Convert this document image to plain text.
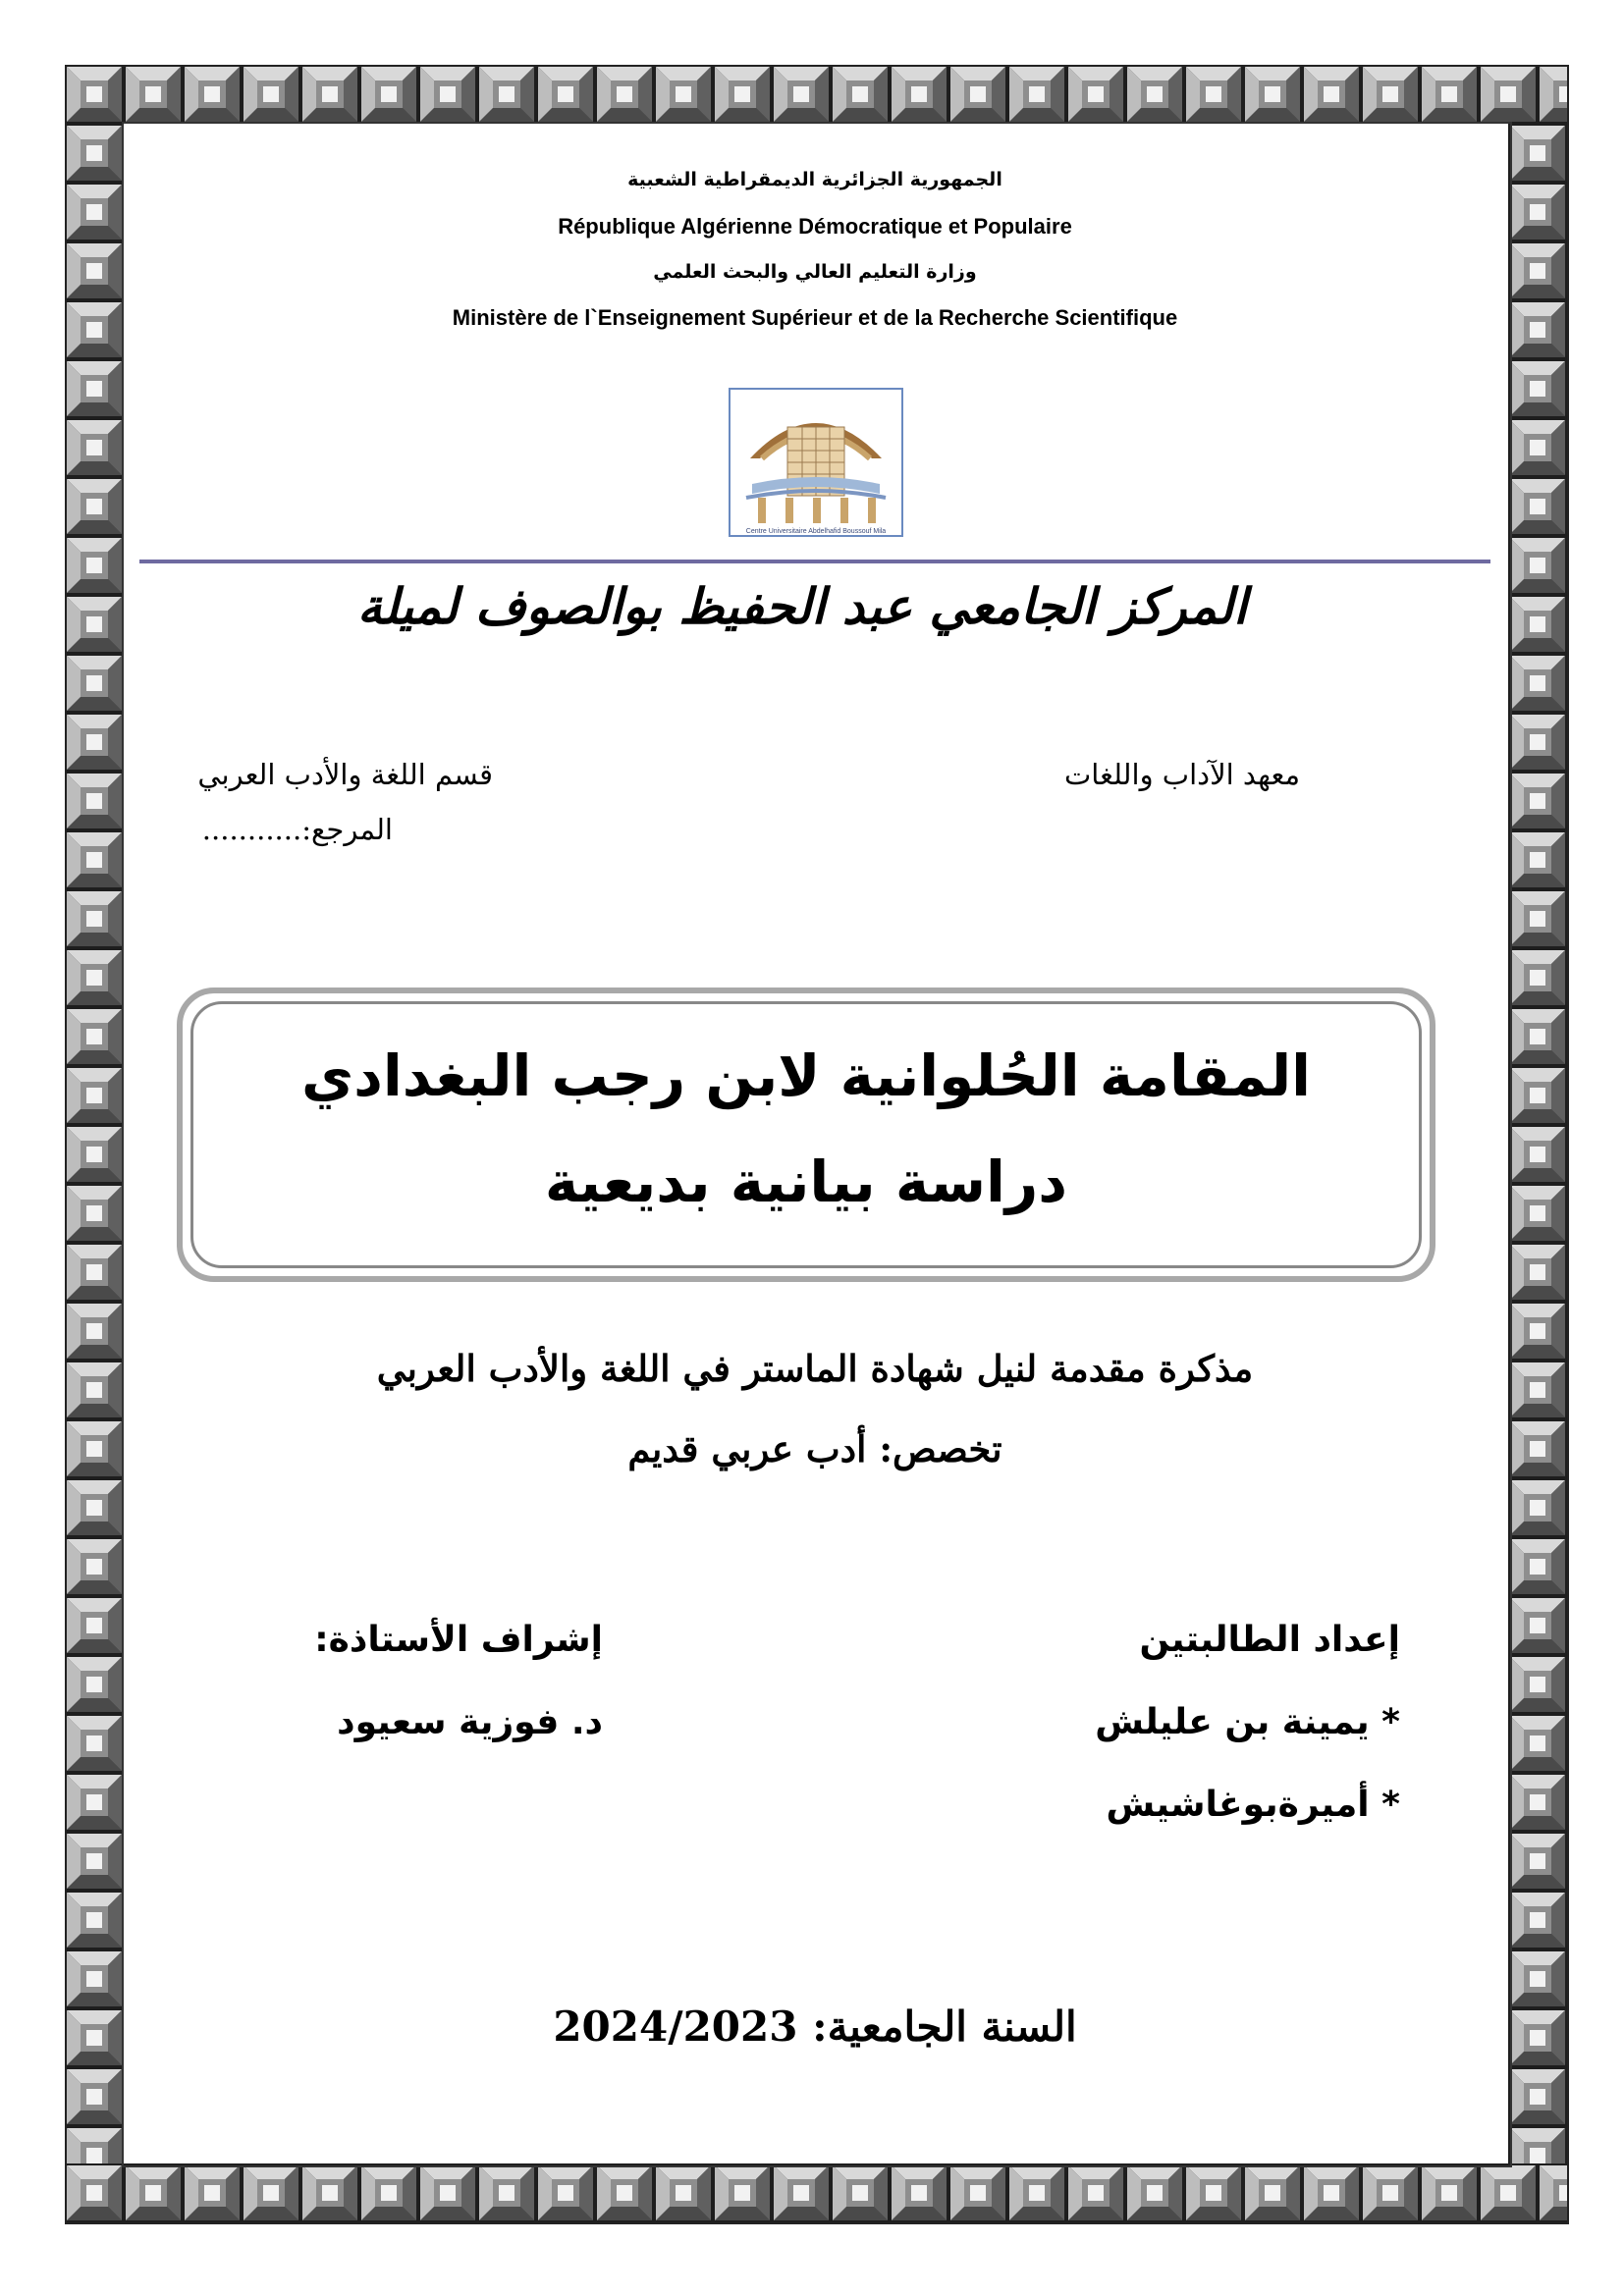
الجمهورية الجزائرية الديمقراطية الشعبية
République Algérienne Démocratique et Populaire
وزارة التعليم العالي والبحث العلمي
Ministère de l`Enseignement Supérieur et de la Recherche Scientifique
Centre Universitaire Abdelhafid Boussouf Mila
المركز الجامعي عبد الحفيظ بوالصوف لميلة
معهد الآداب واللغات
قسم اللغة والأدب العربي
المرجع:...........
المقامة الحُلوانية لابن رجب البغدادي
دراسة بيانية بديعية
مذكرة مقدمة لنيل شهادة الماستر في اللغة والأدب العربي
تخصص: أدب عربي قديم
إعداد الطالبتين
* يمينة بن عليلش
* أميرةبوغاشيش
إشراف الأستاذة:
د. فوزية سعيود
السنة الجامعية: 2024/2023
